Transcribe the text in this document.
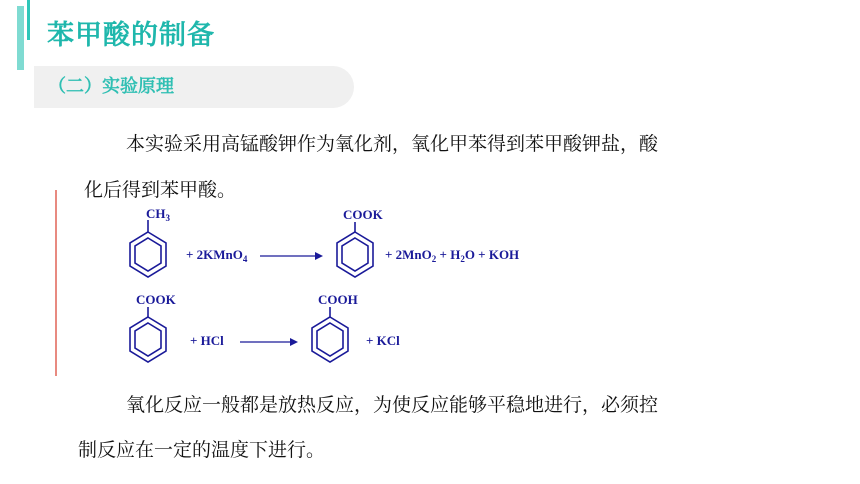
苯甲酸的制备
（二）实验原理
本实验采用高锰酸钾作为氧化剂，氧化甲苯得到苯甲酸钾盐，酸
化后得到苯甲酸。
$CH_3$
+ 2KMnO$_4$
COOK
+ $2MnO_2 + H_2O$ + KOH
COOK
+ HCl
COOH
+ KCl
氧化反应一般都是放热反应，为使反应能够平稳地进行，必须控
制反应在一定的温度下进行。
